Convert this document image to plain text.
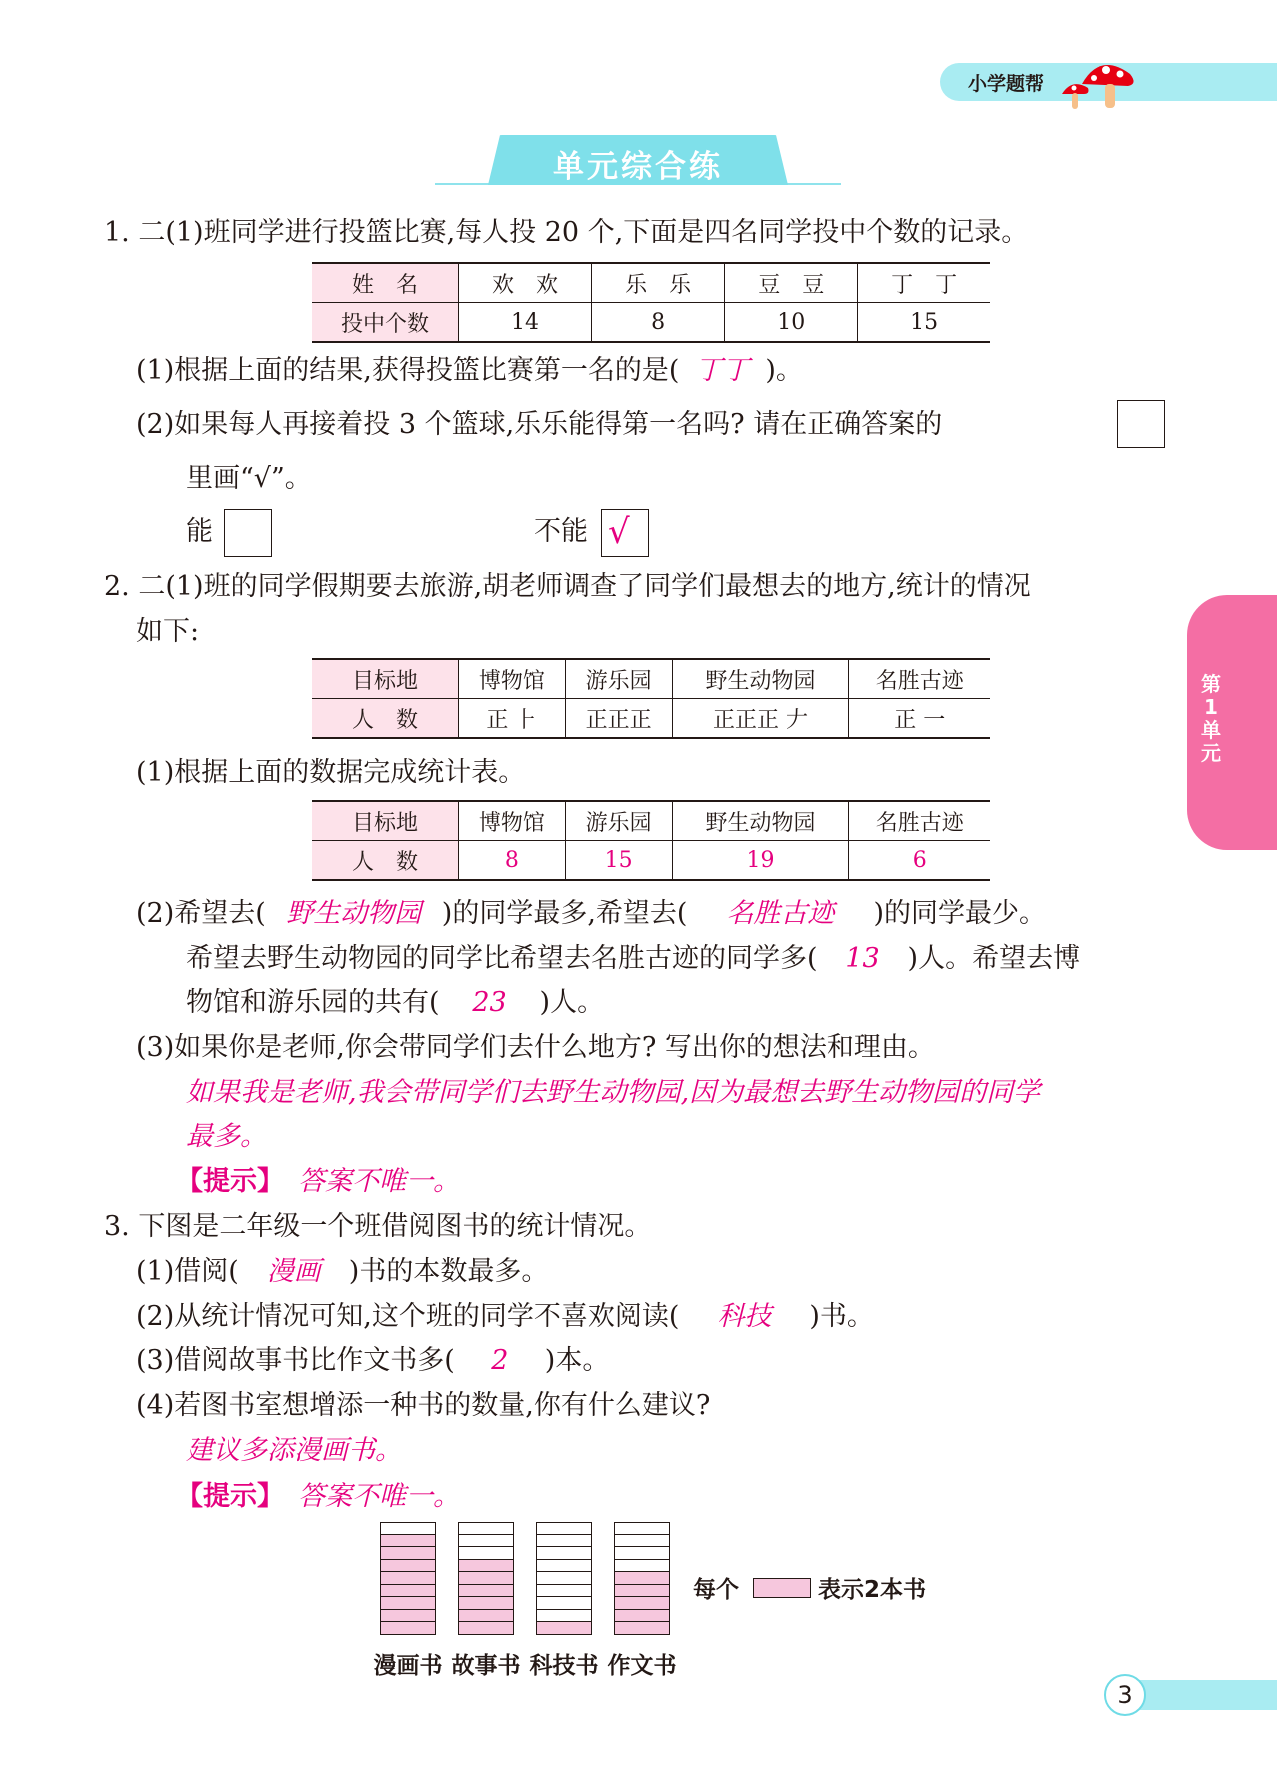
小学题帮
单元综合练
第1单元
1. 二(1)班同学进行投篮比赛,每人投 20 个,下面是四名同学投中个数的记录。
姓　名	欢　欢	乐　乐	豆　豆	丁　丁
投中个数	14	8	10	15
(1)根据上面的结果,获得投篮比赛第一名的是( 丁丁 )。
(2)如果每人再接着投 3 个篮球,乐乐能得第一名吗? 请在正确答案的
里画“√”。
能	不能 √
2. 二(1)班的同学假期要去旅游,胡老师调查了同学们最想去的地方,统计的情况
如下:
目标地	博物馆	游乐园	野生动物园	名胜古迹
人　数	正 ⺊	正正正	正正正 𠂇	正 ⼀
(1)根据上面的数据完成统计表。
目标地	博物馆	游乐园	野生动物园	名胜古迹
人　数	8	15	19	6
(2)希望去( 野生动物园 )的同学最多,希望去( 名胜古迹 )的同学最少。
希望去野生动物园的同学比希望去名胜古迹的同学多( 13 )人。希望去博
物馆和游乐园的共有( 23 )人。
(3)如果你是老师,你会带同学们去什么地方? 写出你的想法和理由。
如果我是老师,我会带同学们去野生动物园,因为最想去野生动物园的同学
最多。
【提示】 答案不唯一。
3. 下图是二年级一个班借阅图书的统计情况。
(1)借阅( 漫画 )书的本数最多。
(2)从统计情况可知,这个班的同学不喜欢阅读( 科技 )书。
(3)借阅故事书比作文书多( 2 )本。
(4)若图书室想增添一种书的数量,你有什么建议?
建议多添漫画书。
【提示】 答案不唯一。
漫画书 故事书 科技书 作文书
每个	表示2本书
3
